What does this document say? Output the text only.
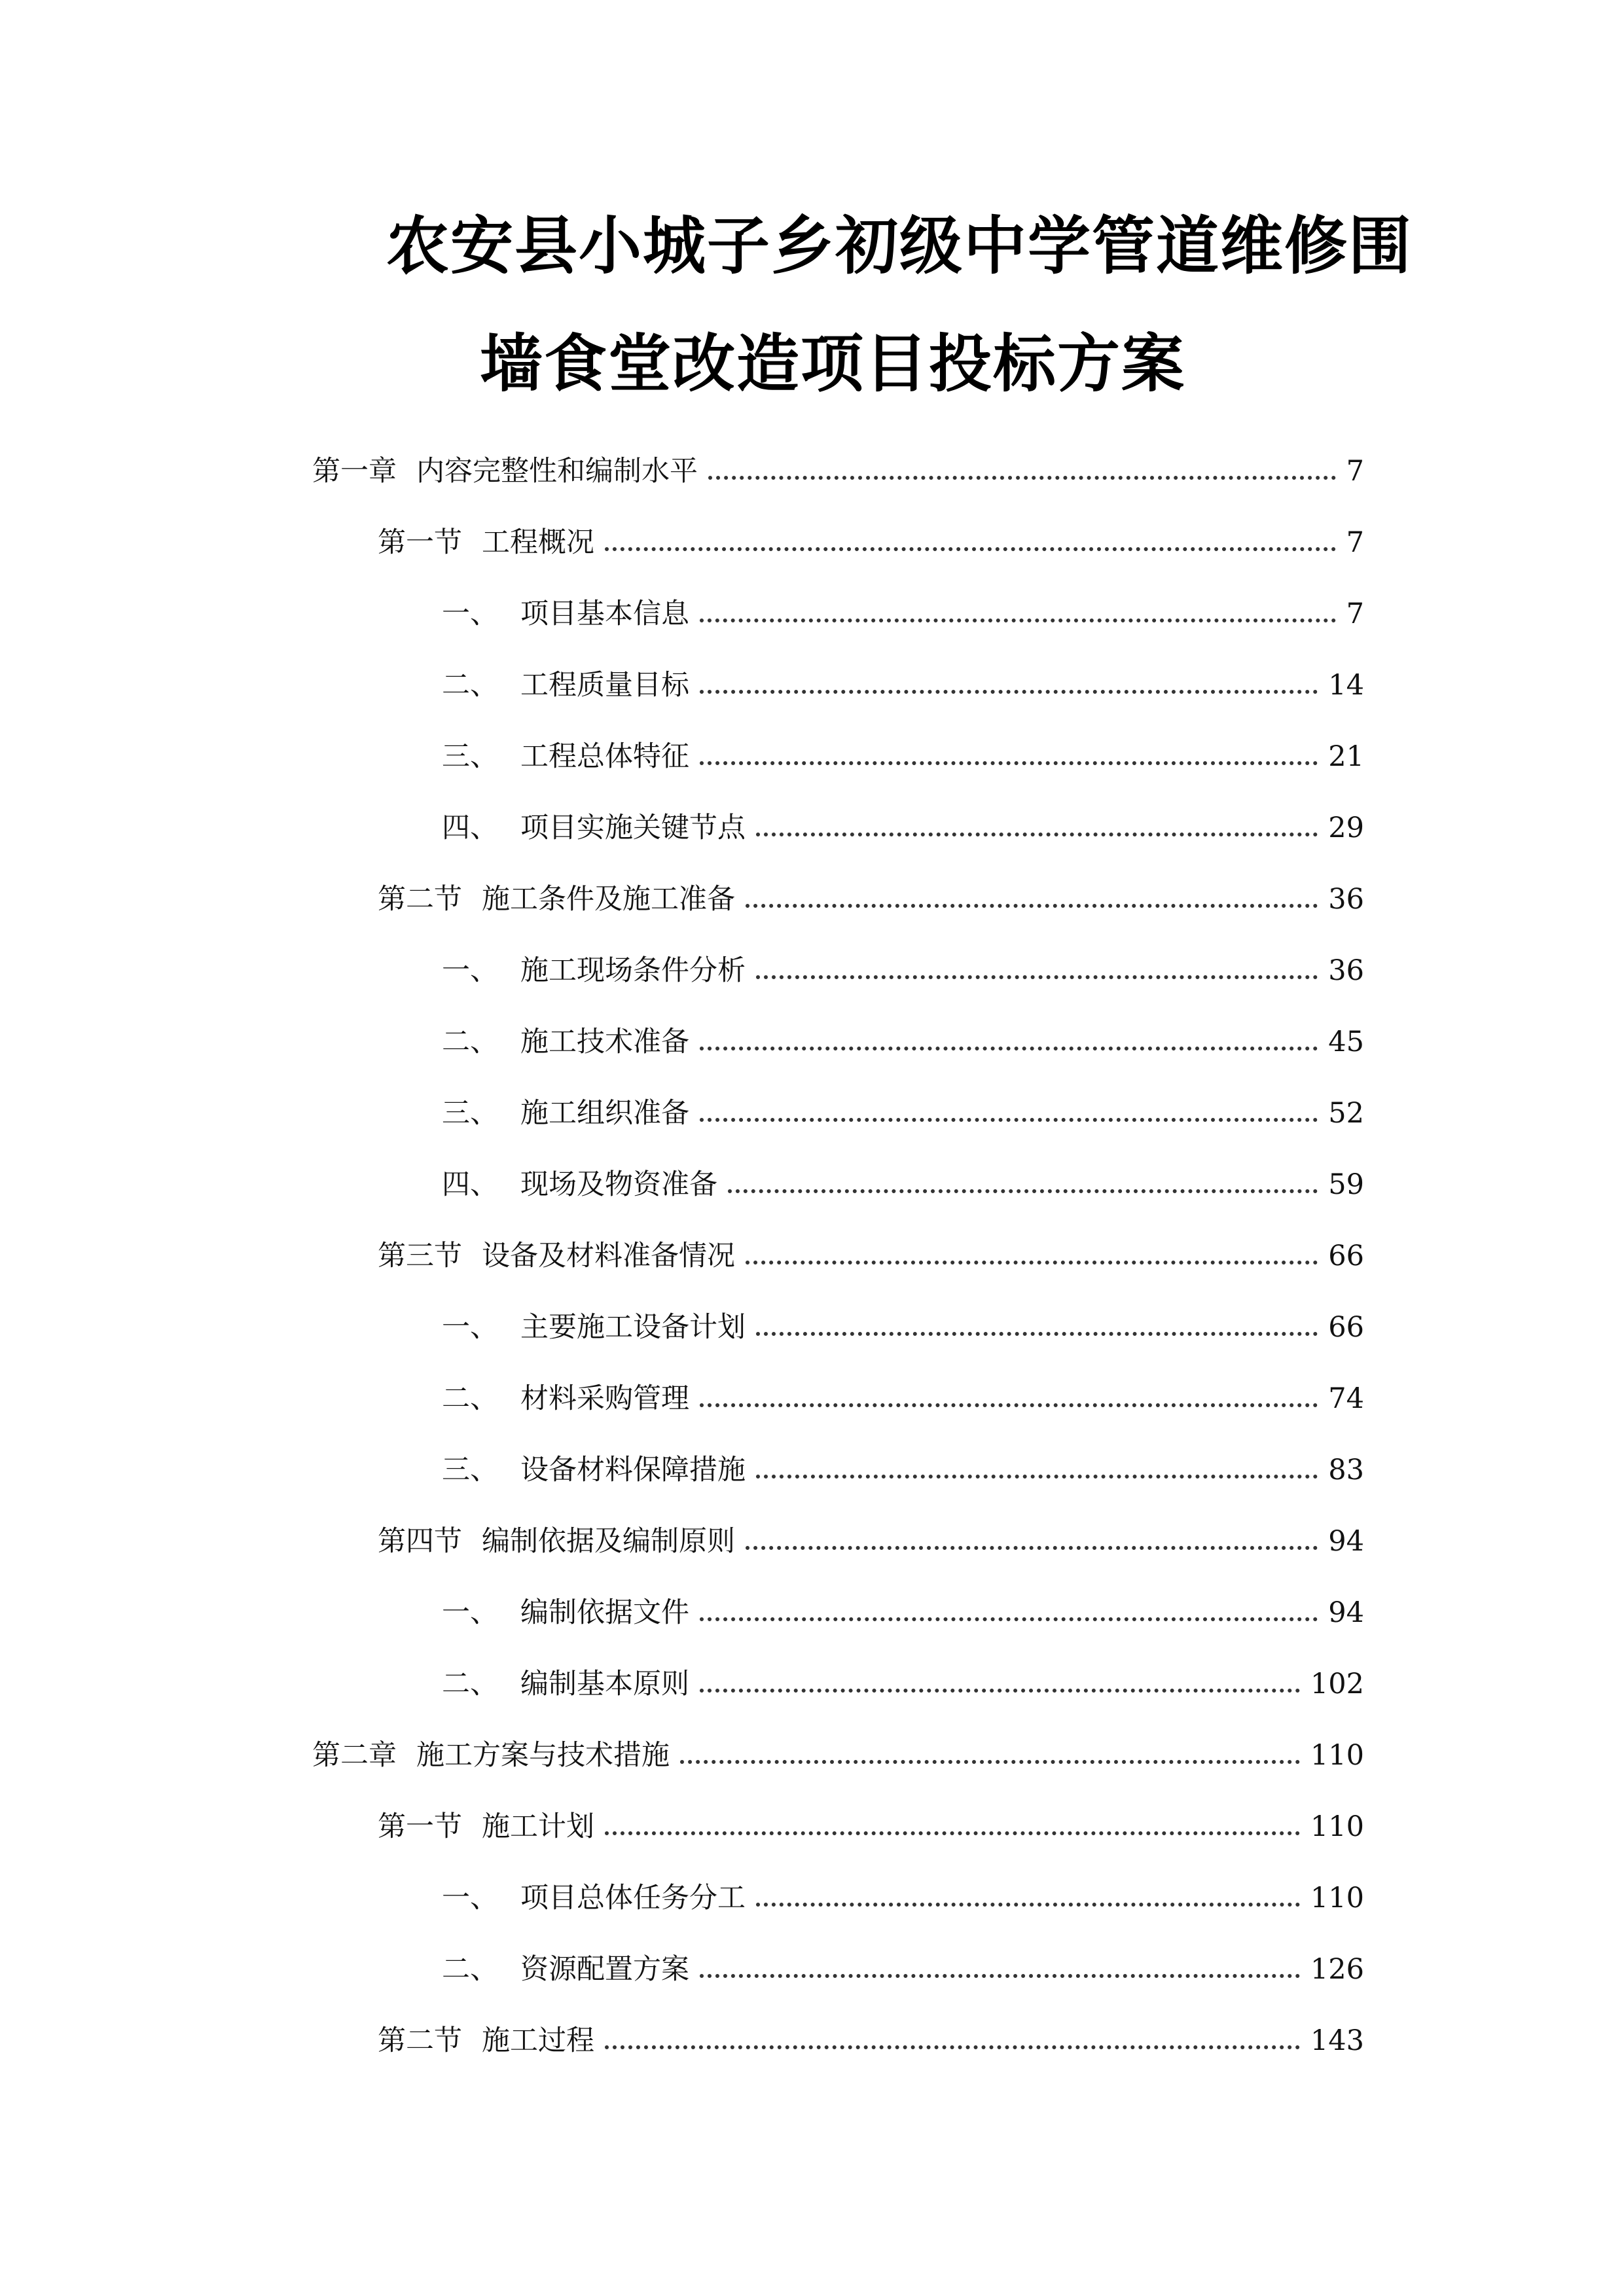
农安县小城子乡初级中学管道维修围
墙食堂改造项目投标方案
第一章 内容完整性和编制水平	7
第一节 工程概况	7
一、 项目基本信息	7
二、 工程质量目标	14
三、 工程总体特征	21
四、 项目实施关键节点	29
第二节 施工条件及施工准备	36
一、 施工现场条件分析	36
二、 施工技术准备	45
三、 施工组织准备	52
四、 现场及物资准备	59
第三节 设备及材料准备情况	66
一、 主要施工设备计划	66
二、 材料采购管理	74
三、 设备材料保障措施	83
第四节 编制依据及编制原则	94
一、 编制依据文件	94
二、 编制基本原则	102
第二章 施工方案与技术措施	110
第一节 施工计划	110
一、 项目总体任务分工	110
二、 资源配置方案	126
第二节 施工过程	143
